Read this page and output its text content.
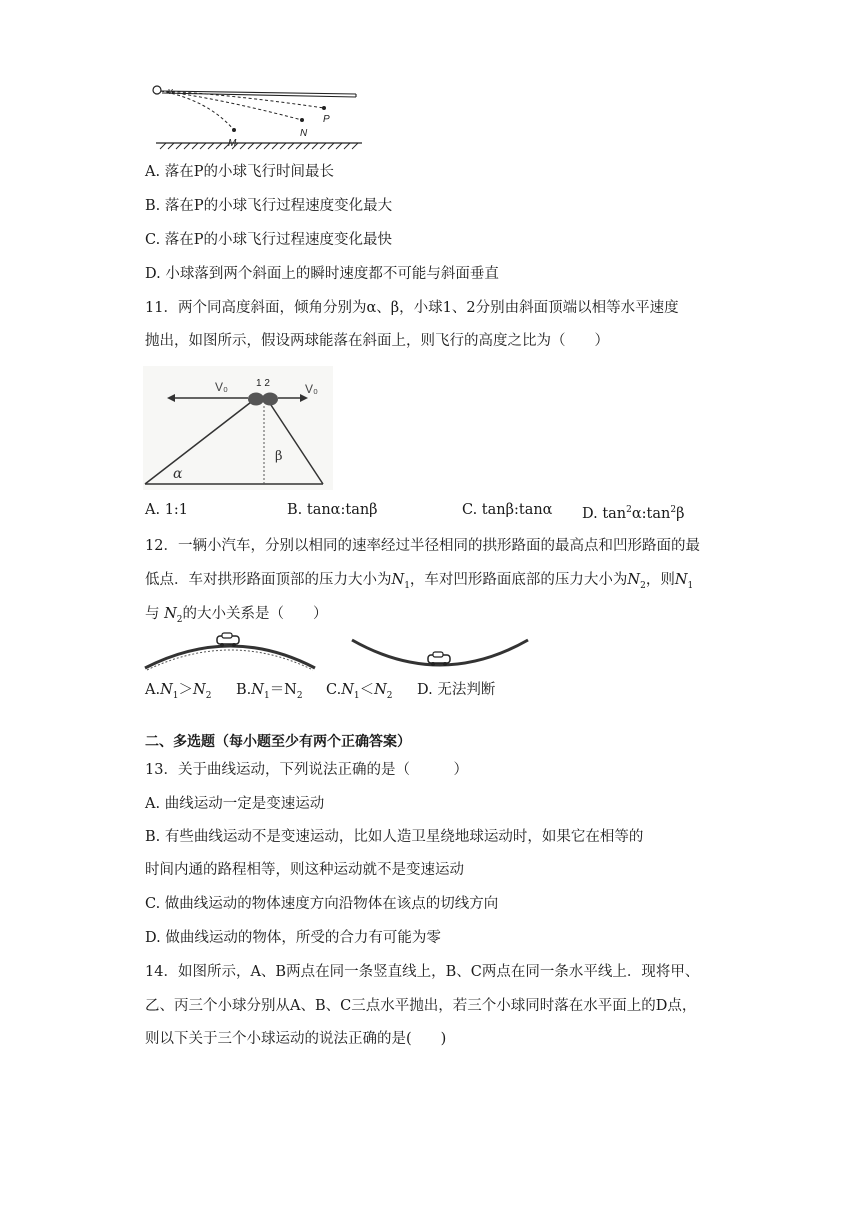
v
P
N
M
A. 落在P的小球飞行时间最长
B. 落在P的小球飞行过程速度变化最大
C. 落在P的小球飞行过程速度变化最快
D. 小球落到两个斜面上的瞬时速度都不可能与斜面垂直
11．两个同高度斜面，倾角分别为α、β，小球1、2分别由斜面顶端以相等水平速度
抛出，如图所示，假设两球能落在斜面上，则飞行的高度之比为（　　）
1 2
V₀	V₀
α
β
A. 1:1	B. tanα:tanβ	C. tanβ:tanα D. $\tan^2\alpha:\tan^2\beta$
12．一辆小汽车，分别以相同的速率经过半径相同的拱形路面的最高点和凹形路面的最
低点．车对拱形路面顶部的压力大小为$N_1$，车对凹形路面底部的压力大小为$N_2$，则$N_1$
与 $N_2$的大小关系是（　　）
$A.N_1>N_2$ $B.N_1=N_2$ $C.N_1<N_2$ D. 无法判断
二、多选题（每小题至少有两个正确答案）
13．关于曲线运动，下列说法正确的是（　　　）
A. 曲线运动一定是变速运动
B. 有些曲线运动不是变速运动，比如人造卫星绕地球运动时，如果它在相等的
时间内通的路程相等，则这种运动就不是变速运动
C. 做曲线运动的物体速度方向沿物体在该点的切线方向
D. 做曲线运动的物体，所受的合力有可能为零
14．如图所示，A、B两点在同一条竖直线上，B、C两点在同一条水平线上．现将甲、
乙、丙三个小球分别从A、B、C三点水平抛出，若三个小球同时落在水平面上的D点，
则以下关于三个小球运动的说法正确的是(　　)
